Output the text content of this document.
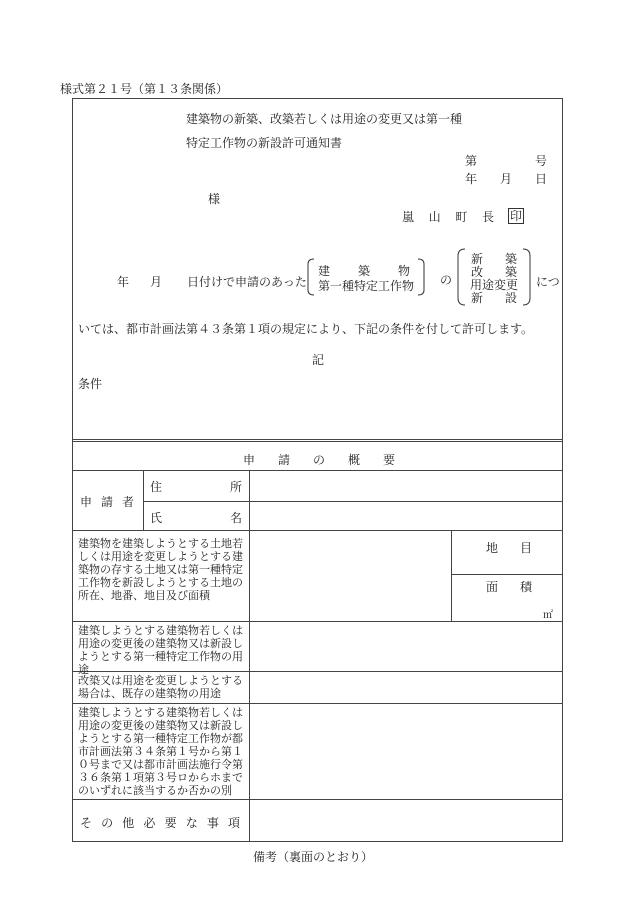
様式第２１号（第１３条関係）
建築物の新築、改築若しくは用途の変更又は第一種
特定工作物の新設許可通知書
第	号
年 月 日
様
嵐 山 町 長 印
年 月 日付けで申請のあった
建 築 物
第一種特定工作物 の
新 築
改 築
用途変更
新 設
につ
いては、都市計画法第４３条第１項の規定により、下記の条件を付して許可します。
記
条件
申 請 の 概 要
申 請 者
住	所
氏	名
建築物を建築しようとする土地若しくは用途を変更しようとする建築物の存する土地又は第一種特定工作物を新設しようとする土地の所在、地番、地目及び面積
地 目
面 積
㎡
建築しようとする建築物若しくは用途の変更後の建築物又は新設しようとする第一種特定工作物の用途
改築又は用途を変更しようとする場合は、既存の建築物の用途
建築しようとする建築物若しくは用途の変更後の建築物又は新設しようとする第一種特定工作物が都市計画法第３４条第１号から第１０号まで又は都市計画法施行令第３６条第１項第３号ロからホまでのいずれに該当するか否かの別
そ の 他 必 要 な 事 項
備考（裏面のとおり）
